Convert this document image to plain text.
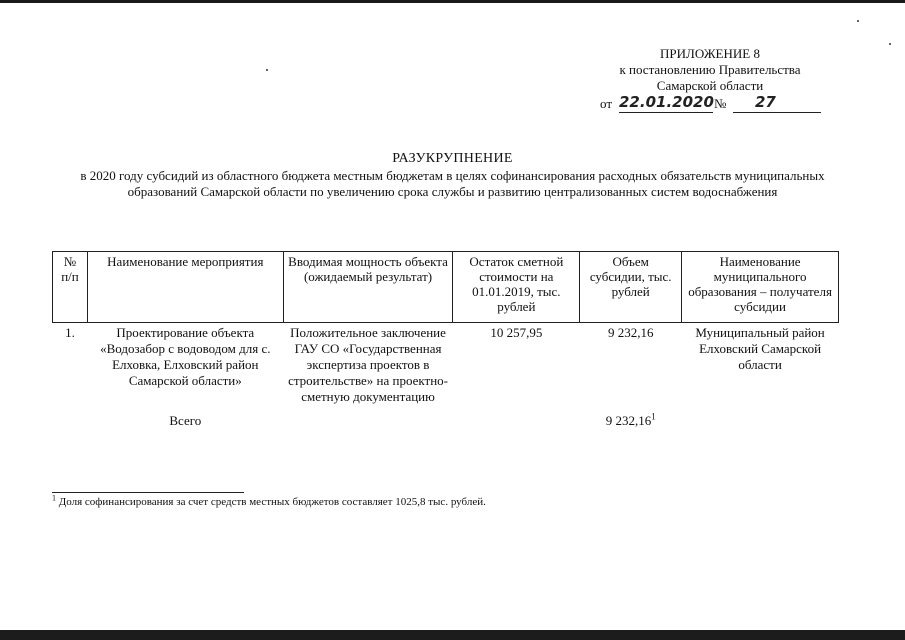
ПРИЛОЖЕНИЕ 8
к постановлению Правительства
Самарской области
от 22.01.2020 № 27
РАЗУКРУПНЕНИЕ
в 2020 году субсидий из областного бюджета местным бюджетам в целях софинансирования расходных обязательств муниципальных образований Самарской области по увеличению срока службы и развитию централизованных систем водоснабжения
№ п/п	Наименование мероприятия	Вводимая мощность объекта (ожидаемый результат)	Остаток сметной стоимости на 01.01.2019, тыс. рублей	Объем субсидии, тыс. рублей	Наименование муниципального образования – получателя субсидии
1.	Проектирование объекта «Водозабор с водоводом для с. Елховка, Елховский район Самарской области»	Положительное заключение ГАУ СО «Государственная экспертиза проектов в строительстве» на проектно-сметную документацию	10 257,95	9 232,16	Муниципальный район Елховский Самарской области
	Всего			9 232,16$^1$	
$^1$ Доля софинансирования за счет средств местных бюджетов составляет 1025,8 тыс. рублей.
